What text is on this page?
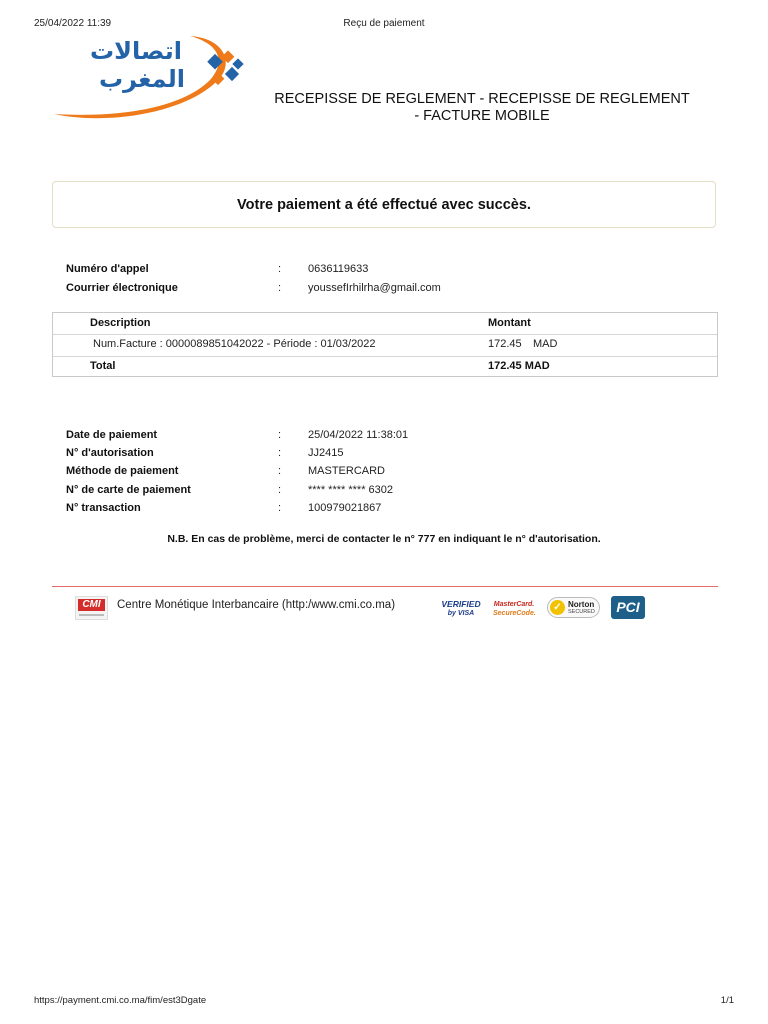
25/04/2022 11:39	Reçu de paiement
اتصالات
المغرب
RECEPISSE DE REGLEMENT - RECEPISSE DE REGLEMENT - FACTURE MOBILE
Votre paiement a été effectué avec succès.
Numéro d'appel	: 0636119633
Courrier électronique	: youssefIrhilrha@gmail.com
Description	Montant
Num.Facture : 0000089851042022 - Période : 01/03/2022	172.45 MAD
Total	172.45 MAD
Date de paiement	: 25/04/2022 11:38:01
N° d'autorisation	: JJ2415
Méthode de paiement	: MASTERCARD
N° de carte de paiement	: **** **** **** 6302
N° transaction	: 100979021867
N.B. En cas de problème, merci de contacter le n° 777 en indiquant le n° d'autorisation.
CMI	Centre Monétique Interbancaire (http:/www.cmi.co.ma)	VERIFIED
by VISA
MasterCard.
SecureCode.
✓ Norton
SECURED	PCI
https://payment.cmi.co.ma/fim/est3Dgate	1/1
